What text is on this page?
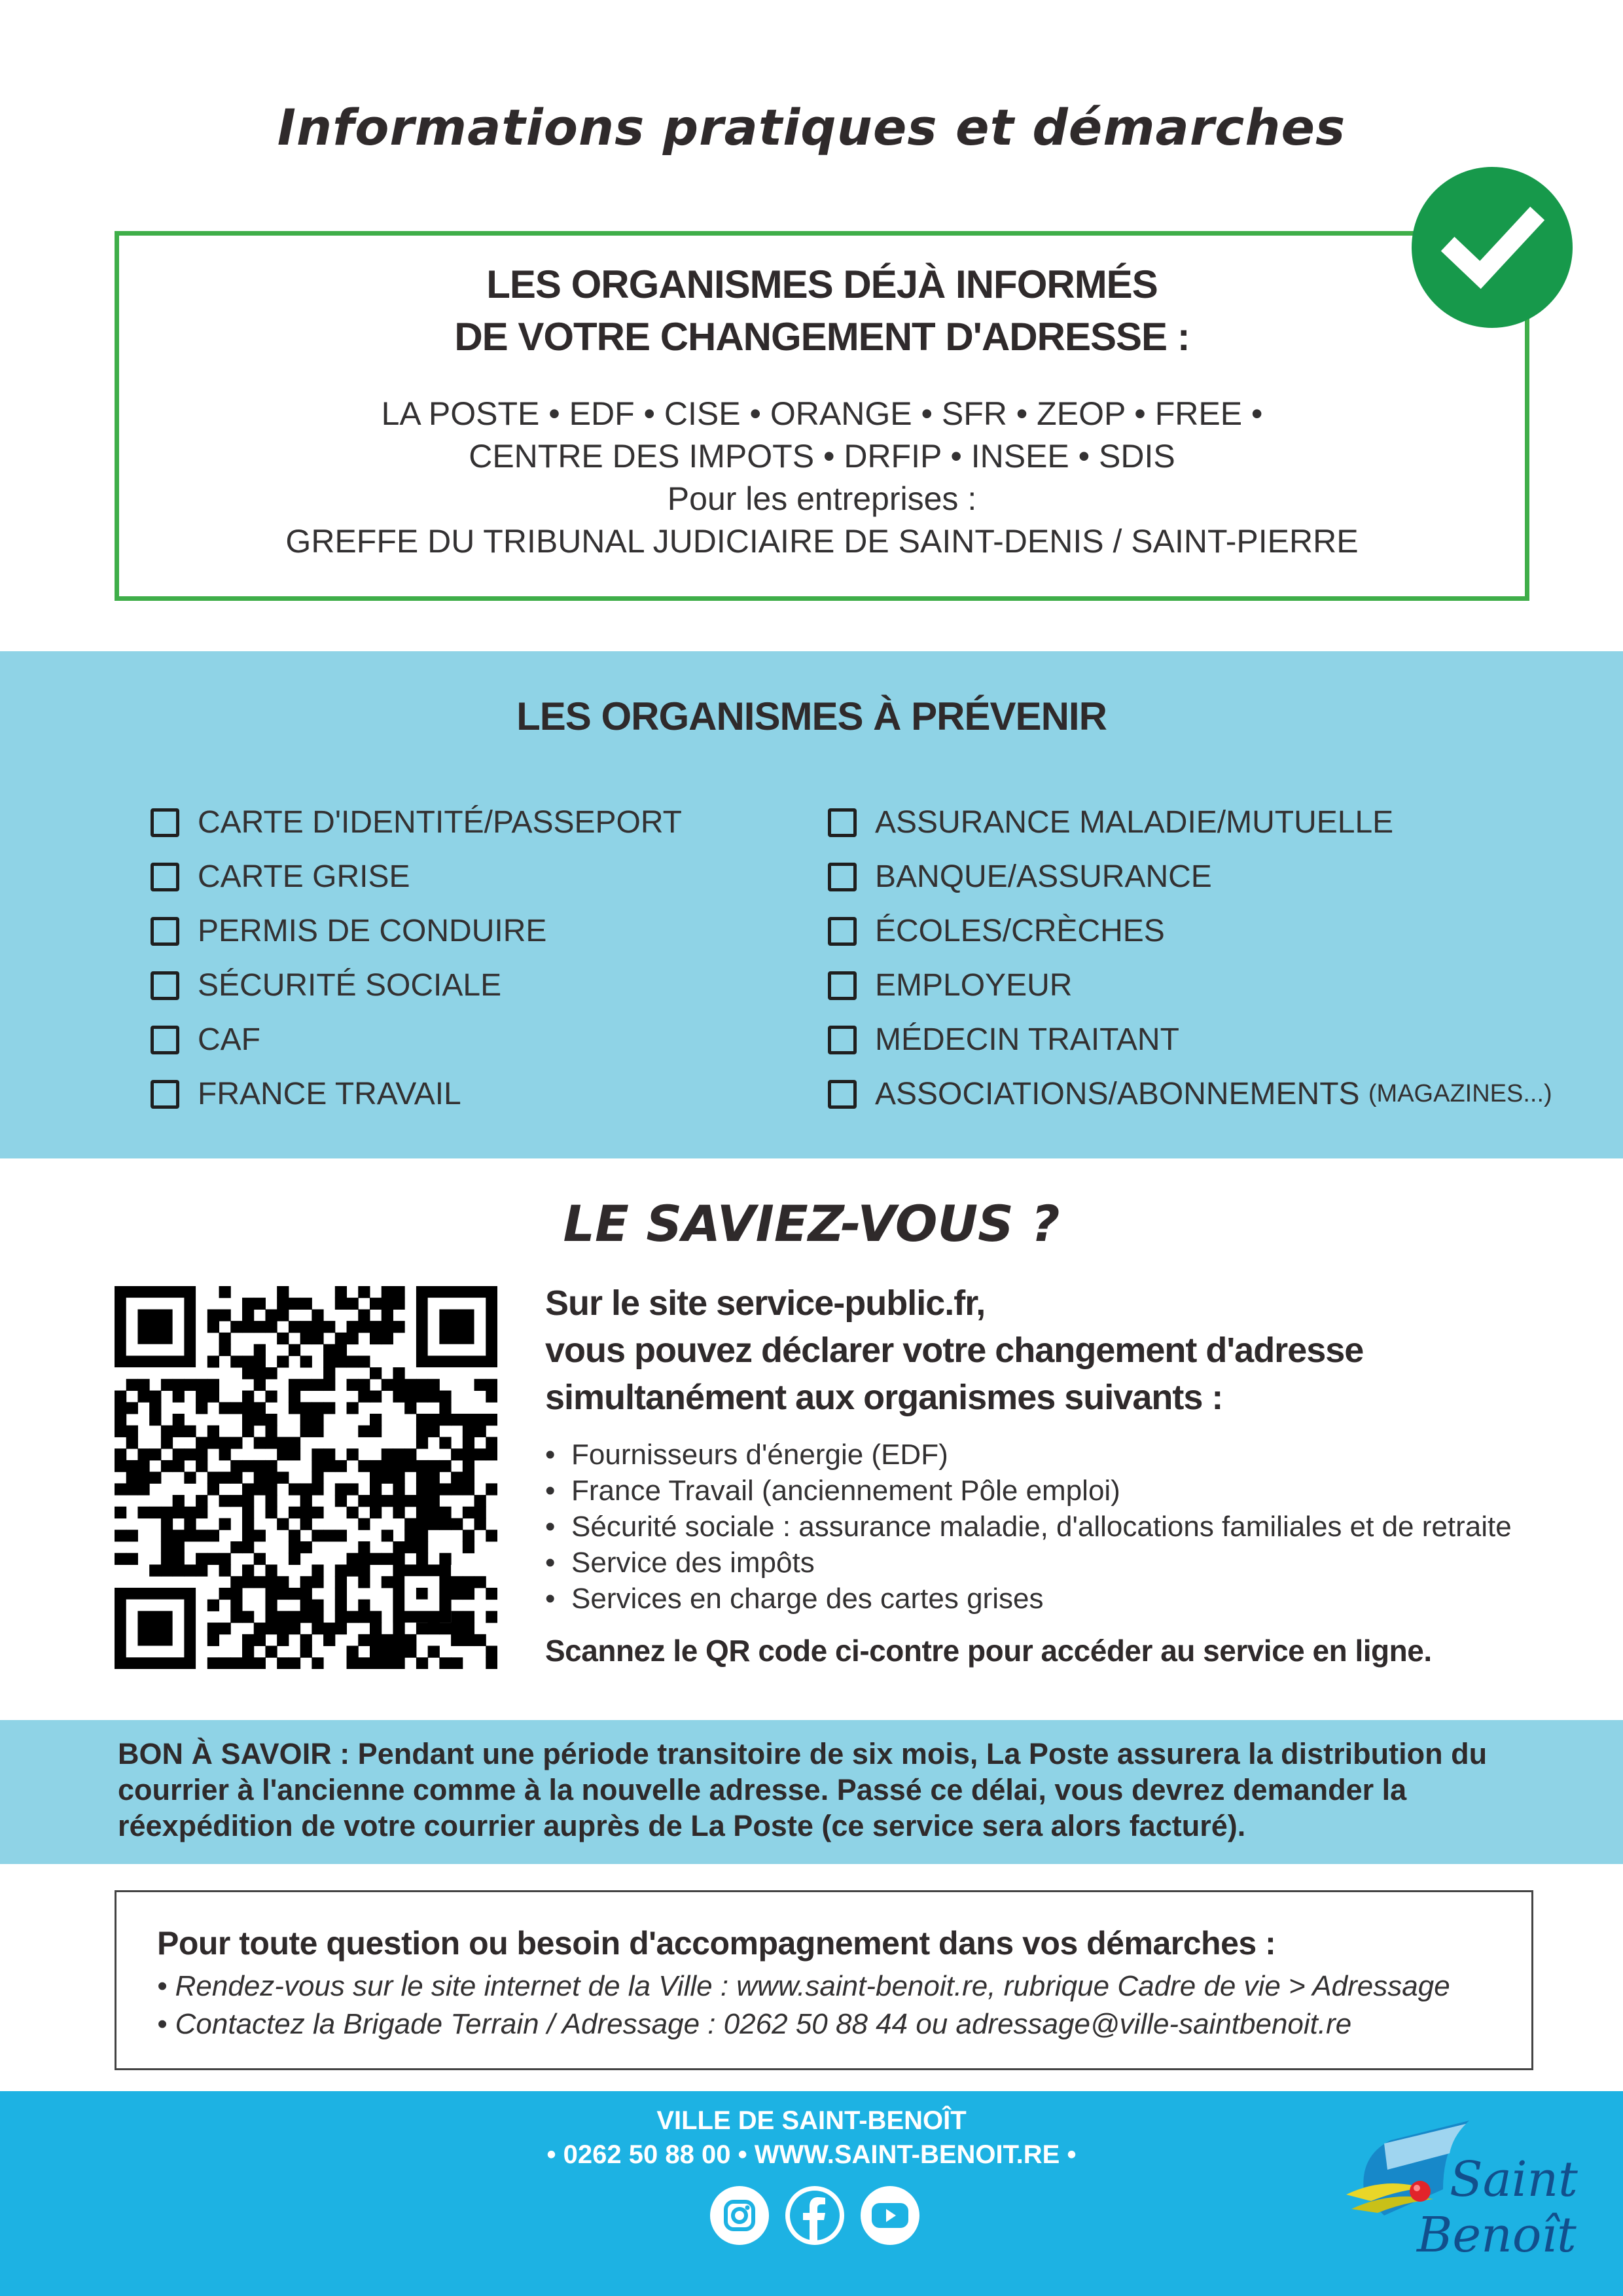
Informations pratiques et démarches
LES ORGANISMES DÉJÀ INFORMÉS
DE VOTRE CHANGEMENT D'ADRESSE :
LA POSTE • EDF • CISE • ORANGE • SFR • ZEOP • FREE •
CENTRE DES IMPOTS • DRFIP • INSEE • SDIS
Pour les entreprises :
GREFFE DU TRIBUNAL JUDICIAIRE DE SAINT-DENIS / SAINT-PIERRE
LES ORGANISMES À PRÉVENIR
CARTE D'IDENTITÉ/PASSEPORT
CARTE GRISE
PERMIS DE CONDUIRE
SÉCURITÉ SOCIALE
CAF
FRANCE TRAVAIL
ASSURANCE MALADIE/MUTUELLE
BANQUE/ASSURANCE
ÉCOLES/CRÈCHES
EMPLOYEUR
MÉDECIN TRAITANT
ASSOCIATIONS/ABONNEMENTS
(MAGAZINES...)
LE SAVIEZ-VOUS ?
Sur le site service-public.fr,
vous pouvez déclarer votre changement d'adresse
simultanément aux organismes suivants :
• Fournisseurs d'énergie (EDF)
• France Travail (anciennement Pôle emploi)
• Sécurité sociale : assurance maladie, d'allocations familiales et de retraite
• Service des impôts
• Services en charge des cartes grises
Scannez le QR code ci-contre pour accéder au service en ligne.
BON À SAVOIR : Pendant une période transitoire de six mois, La Poste assurera la distribution du
courrier à l'ancienne comme à la nouvelle adresse. Passé ce délai, vous devrez demander la
réexpédition de votre courrier auprès de La Poste (ce service sera alors facturé).
Pour toute question ou besoin d'accompagnement dans vos démarches :
• Rendez-vous sur le site internet de la Ville : www.saint-benoit.re, rubrique Cadre de vie > Adressage
• Contactez la Brigade Terrain / Adressage : 0262 50 88 44 ou adressage@ville-saintbenoit.re
VILLE DE SAINT-BENOÎT
• 0262 50 88 00 • WWW.SAINT-BENOIT.RE •	Saint
Benoît
